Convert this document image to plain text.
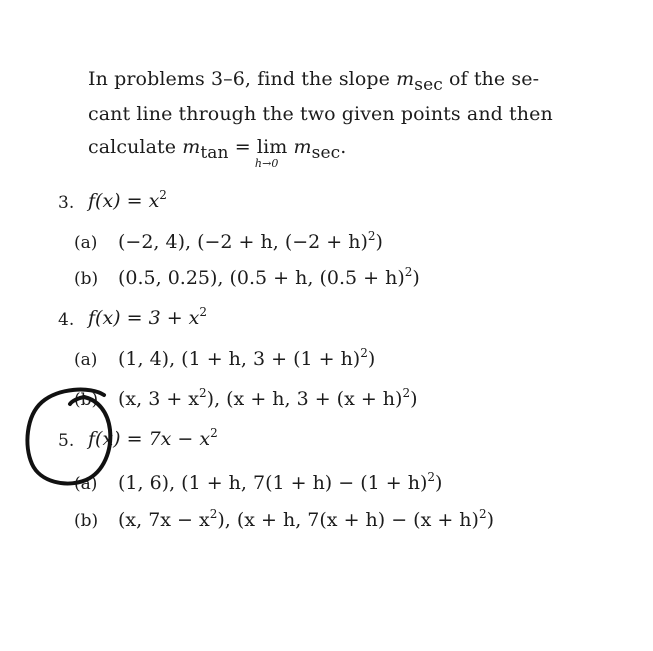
In problems 3–6, find the slope msec of the se-
cant line through the two given points and then
calculate mtan = lim
h→0
msec.
3. $f(x) = x^2$
(a) (−2, 4), (−2 + h, $(-2 + h)^2$)
(b) (0.5, 0.25), (0.5 + h, $(0.5 + h)^2$)
4. $f(x) = 3 + x^2$
(a) (1, 4), (1 + h, $3 + (1 + h)^2$)
(b) (x, $3 + x^2$), (x + h, $3 + (x + h)^2$)
5. $f(x) = 7x - x^2$
(a) (1, 6), (1 + h, $7(1 + h) - (1 + h)^2$)
(b) (x, $7x - x^2$), (x + h, $7(x + h) - (x + h)^2$)
